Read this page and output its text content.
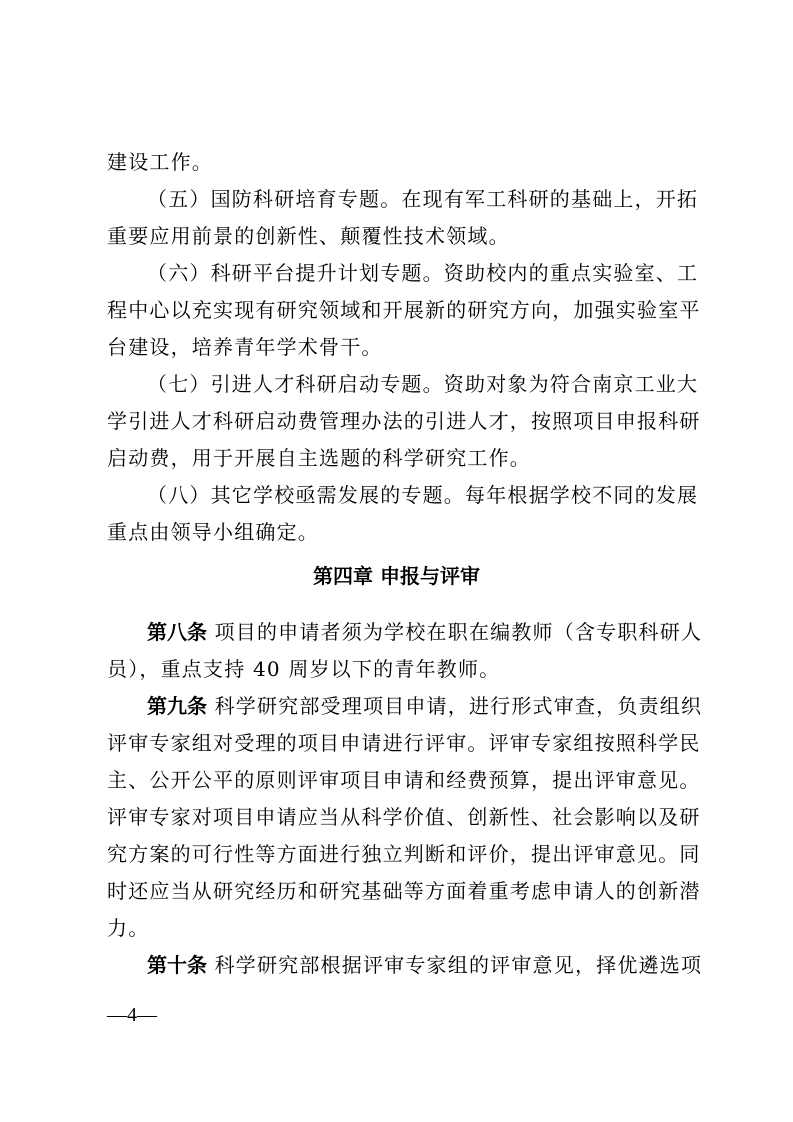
建设工作。
（五）国防科研培育专题。在现有军工科研的基础上，开拓
重要应用前景的创新性、颠覆性技术领域。
（六）科研平台提升计划专题。资助校内的重点实验室、工
程中心以充实现有研究领域和开展新的研究方向，加强实验室平
台建设，培养青年学术骨干。
（七）引进人才科研启动专题。资助对象为符合南京工业大
学引进人才科研启动费管理办法的引进人才，按照项目申报科研
启动费，用于开展自主选题的科学研究工作。
（八）其它学校亟需发展的专题。每年根据学校不同的发展
重点由领导小组确定。
第四章 申报与评审
第八条 项目的申请者须为学校在职在编教师（含专职科研人
员），重点支持 40 周岁以下的青年教师。
第九条 科学研究部受理项目申请，进行形式审查，负责组织
评审专家组对受理的项目申请进行评审。评审专家组按照科学民
主、公开公平的原则评审项目申请和经费预算，提出评审意见。
评审专家对项目申请应当从科学价值、创新性、社会影响以及研
究方案的可行性等方面进行独立判断和评价，提出评审意见。同
时还应当从研究经历和研究基础等方面着重考虑申请人的创新潜
力。
第十条 科学研究部根据评审专家组的评审意见，择优遴选项
—4—
